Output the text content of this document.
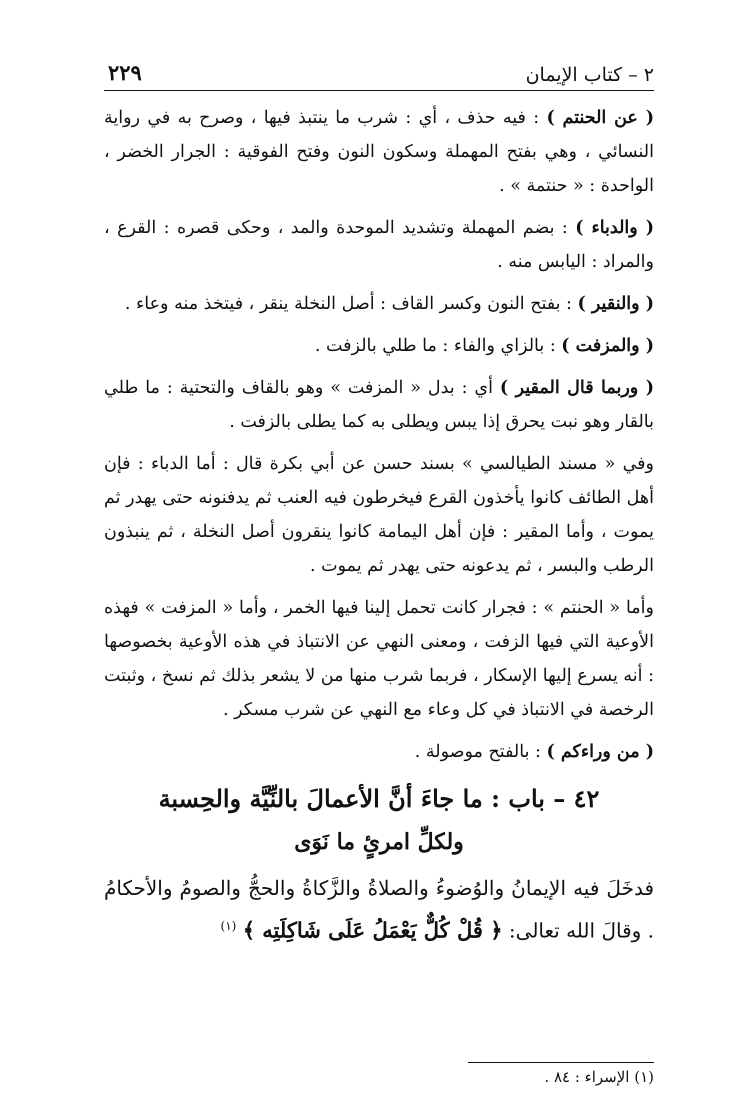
٢ – كتاب الإيمان
٢٢٩

( عن الحنتم ) : فيه حذف ، أي : شرب ما ينتبذ فيها ، وصرح به في رواية النسائي ، وهي بفتح المهملة وسكون النون وفتح الفوقية : الجرار الخضر ، الواحدة : « حنتمة » .

( والدباء ) : بضم المهملة وتشديد الموحدة والمد ، وحكى قصره : القرع ، والمراد : اليابس منه .

( والنقير ) : بفتح النون وكسر القاف : أصل النخلة ينقر ، فيتخذ منه وعاء .

( والمزفت ) : بالزاي والفاء : ما طلي بالزفت .

( وربما قال المقير ) أي : بدل « المزفت » وهو بالقاف والتحتية : ما طلي بالقار وهو نبت يحرق إذا يبس ويطلى به كما يطلى بالزفت .

وفي « مسند الطيالسي » بسند حسن عن أبي بكرة قال : أما الدباء : فإن أهل الطائف كانوا يأخذون القرع فيخرطون فيه العنب ثم يدفنونه حتى يهدر ثم يموت ، وأما المقير : فإن أهل اليمامة كانوا ينقرون أصل النخلة ، ثم ينبذون الرطب والبسر ، ثم يدعونه حتى يهدر ثم يموت .

وأما « الحنتم » : فجرار كانت تحمل إلينا فيها الخمر ، وأما « المزفت » فهذه الأوعية التي فيها الزفت ، ومعنى النهي عن الانتباذ في هذه الأوعية بخصوصها : أنه يسرع إليها الإسكار ، فربما شرب منها من لا يشعر بذلك ثم نسخ ، وثبتت الرخصة في الانتباذ في كل وعاء مع النهي عن شرب مسكر .

( من وراءكم ) : بالفتح موصولة .

٤٢ – باب : ما جاءَ أنَّ الأعمالَ بالنِّيَّة والحِسبة
ولكلِّ امرئٍ ما نَوَى

فدخَلَ فيه الإيمانُ والوُضوءُ والصلاةُ والزَّكاةُ والحجُّ والصومُ والأحكامُ . وقالَ الله تعالى: ﴿ قُلْ كُلٌّ يَعْمَلُ عَلَى شَاكِلَتِه ﴾ $^{(١)}$

(١) الإسراء : ٨٤ .
